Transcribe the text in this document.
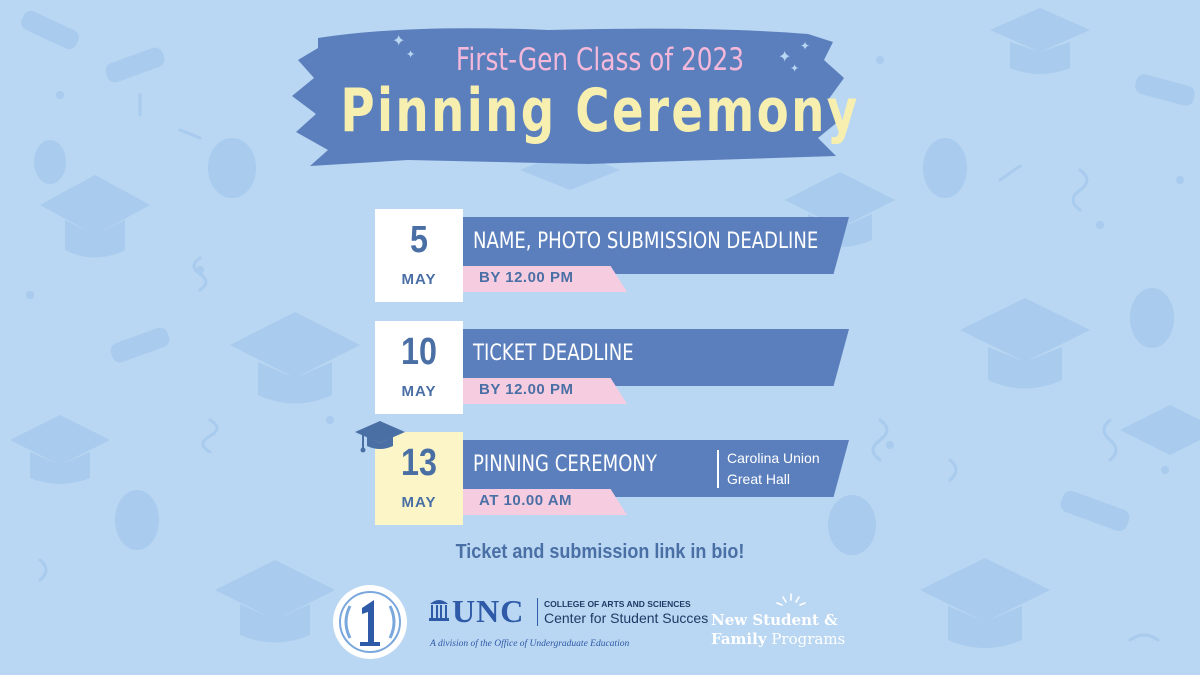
✦
✦	✦
✦
✦
First-Gen Class of 2023
Pinning Ceremony
5
MAY
NAME, PHOTO SUBMISSION DEADLINE
BY 12.00 PM
10
MAY
TICKET DEADLINE
BY 12.00 PM
13
MAY
PINNING CEREMONY
AT 10.00 AM
Carolina Union
Great Hall
Ticket and submission link in bio!
UNC COLLEGE OF ARTS AND SCIENCES
Center for Student Succes
A division of the Office of Undergraduate Education
New Student &
Family Programs
